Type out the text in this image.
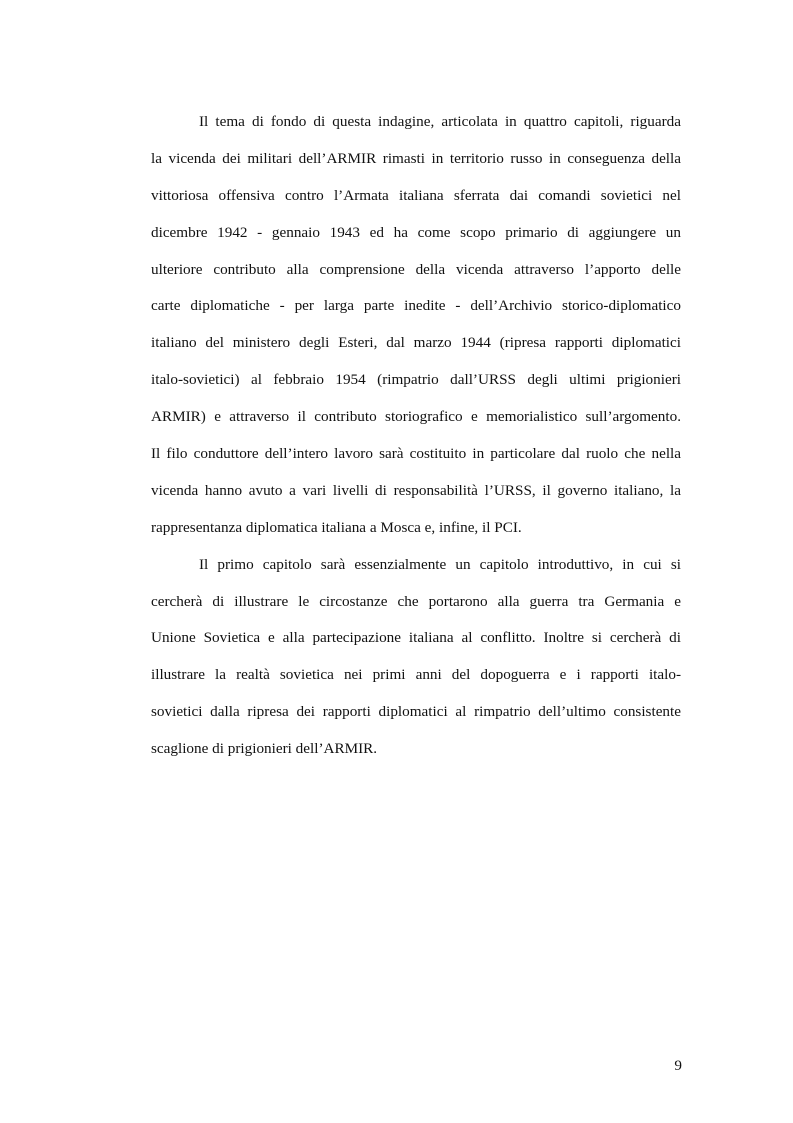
Il tema di fondo di questa indagine, articolata in quattro capitoli, riguarda
la vicenda dei militari dell’ARMIR rimasti in territorio russo in conseguenza della
vittoriosa offensiva contro l’Armata italiana sferrata dai comandi sovietici nel
dicembre 1942 - gennaio 1943 ed ha come scopo primario di aggiungere un
ulteriore contributo alla comprensione della vicenda attraverso l’apporto delle
carte diplomatiche - per larga parte inedite - dell’Archivio storico-diplomatico
italiano del ministero degli Esteri, dal marzo 1944 (ripresa rapporti diplomatici
italo-sovietici) al febbraio 1954 (rimpatrio dall’URSS degli ultimi prigionieri
ARMIR) e attraverso il contributo storiografico e memorialistico sull’argomento.
Il filo conduttore dell’intero lavoro sarà costituito in particolare dal ruolo che nella
vicenda hanno avuto a vari livelli di responsabilità l’URSS, il governo italiano, la
rappresentanza diplomatica italiana a Mosca e, infine, il PCI.
Il primo capitolo sarà essenzialmente un capitolo introduttivo, in cui si
cercherà di illustrare le circostanze che portarono alla guerra tra Germania e
Unione Sovietica e alla partecipazione italiana al conflitto. Inoltre si cercherà di
illustrare la realtà sovietica nei primi anni del dopoguerra e i rapporti italo-
sovietici dalla ripresa dei rapporti diplomatici al rimpatrio dell’ultimo consistente
scaglione di prigionieri dell’ARMIR.
9
